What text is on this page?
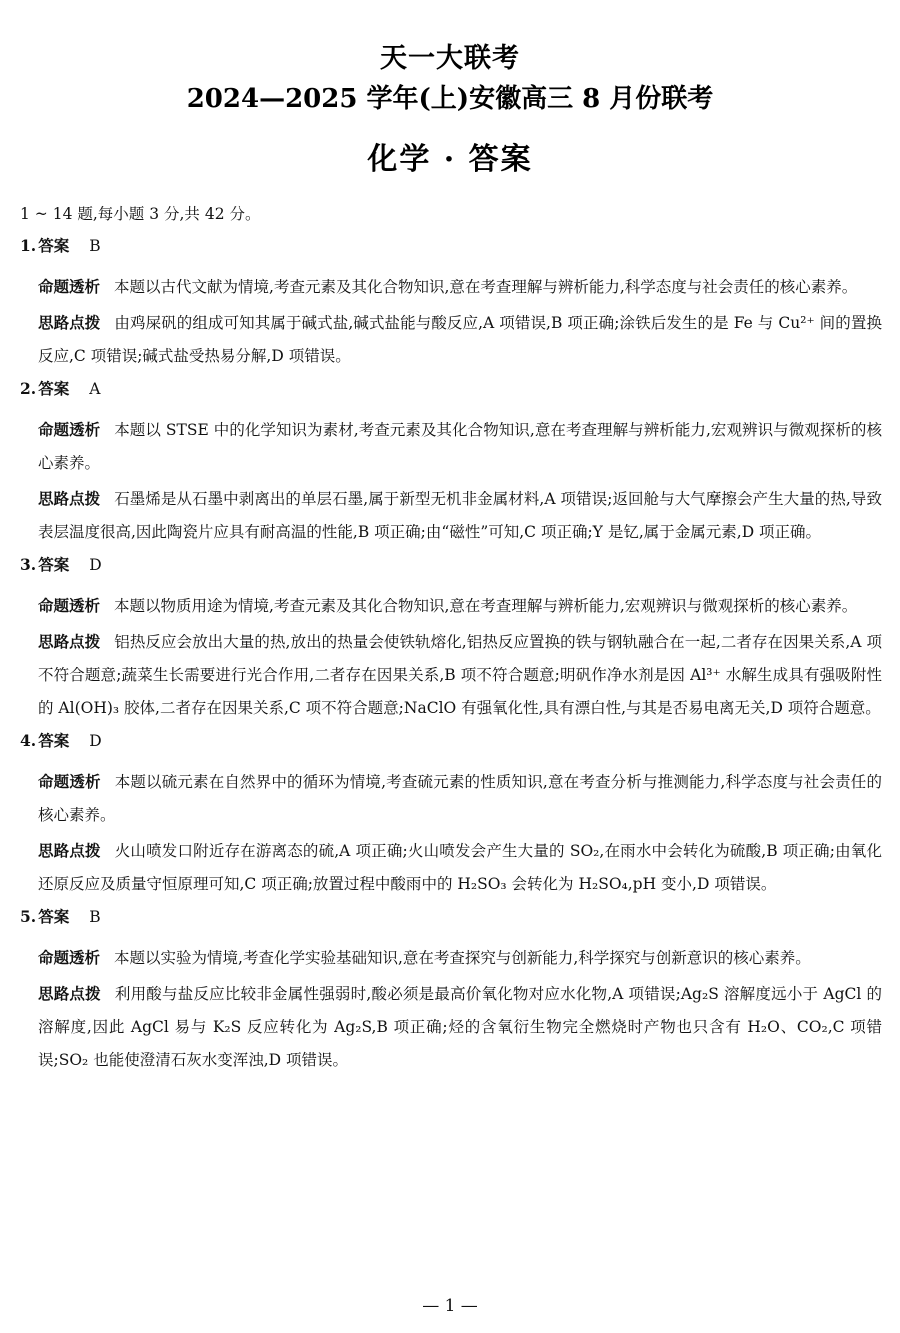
天一大联考
2024—2025 学年(上)安徽高三 8 月份联考
化学 · 答案
1 ~ 14 题,每小题 3 分,共 42 分。
1. 答案 B
命题透析 本题以古代文献为情境,考查元素及其化合物知识,意在考查理解与辨析能力,科学态度与社会责任的核心素养。
思路点拨 由鸡屎矾的组成可知其属于碱式盐,碱式盐能与酸反应,A 项错误,B 项正确;涂铁后发生的是 Fe 与 Cu²⁺ 间的置换反应,C 项错误;碱式盐受热易分解,D 项错误。
2. 答案 A
命题透析 本题以 STSE 中的化学知识为素材,考查元素及其化合物知识,意在考查理解与辨析能力,宏观辨识与微观探析的核心素养。
思路点拨 石墨烯是从石墨中剥离出的单层石墨,属于新型无机非金属材料,A 项错误;返回舱与大气摩擦会产生大量的热,导致表层温度很高,因此陶瓷片应具有耐高温的性能,B 项正确;由“磁性”可知,C 项正确;Y 是钇,属于金属元素,D 项正确。
3. 答案 D
命题透析 本题以物质用途为情境,考查元素及其化合物知识,意在考查理解与辨析能力,宏观辨识与微观探析的核心素养。
思路点拨 铝热反应会放出大量的热,放出的热量会使铁轨熔化,铝热反应置换的铁与钢轨融合在一起,二者存在因果关系,A 项不符合题意;蔬菜生长需要进行光合作用,二者存在因果关系,B 项不符合题意;明矾作净水剂是因 Al³⁺ 水解生成具有强吸附性的 Al(OH)₃ 胶体,二者存在因果关系,C 项不符合题意;NaClO 有强氧化性,具有漂白性,与其是否易电离无关,D 项符合题意。
4. 答案 D
命题透析 本题以硫元素在自然界中的循环为情境,考查硫元素的性质知识,意在考查分析与推测能力,科学态度与社会责任的核心素养。
思路点拨 火山喷发口附近存在游离态的硫,A 项正确;火山喷发会产生大量的 SO₂,在雨水中会转化为硫酸,B 项正确;由氧化还原反应及质量守恒原理可知,C 项正确;放置过程中酸雨中的 H₂SO₃ 会转化为 H₂SO₄,pH 变小,D 项错误。
5. 答案 B
命题透析 本题以实验为情境,考查化学实验基础知识,意在考查探究与创新能力,科学探究与创新意识的核心素养。
思路点拨 利用酸与盐反应比较非金属性强弱时,酸必须是最高价氧化物对应水化物,A 项错误;Ag₂S 溶解度远小于 AgCl 的溶解度,因此 AgCl 易与 K₂S 反应转化为 Ag₂S,B 项正确;烃的含氧衍生物完全燃烧时产物也只含有 H₂O、CO₂,C 项错误;SO₂ 也能使澄清石灰水变浑浊,D 项错误。
— 1 —
